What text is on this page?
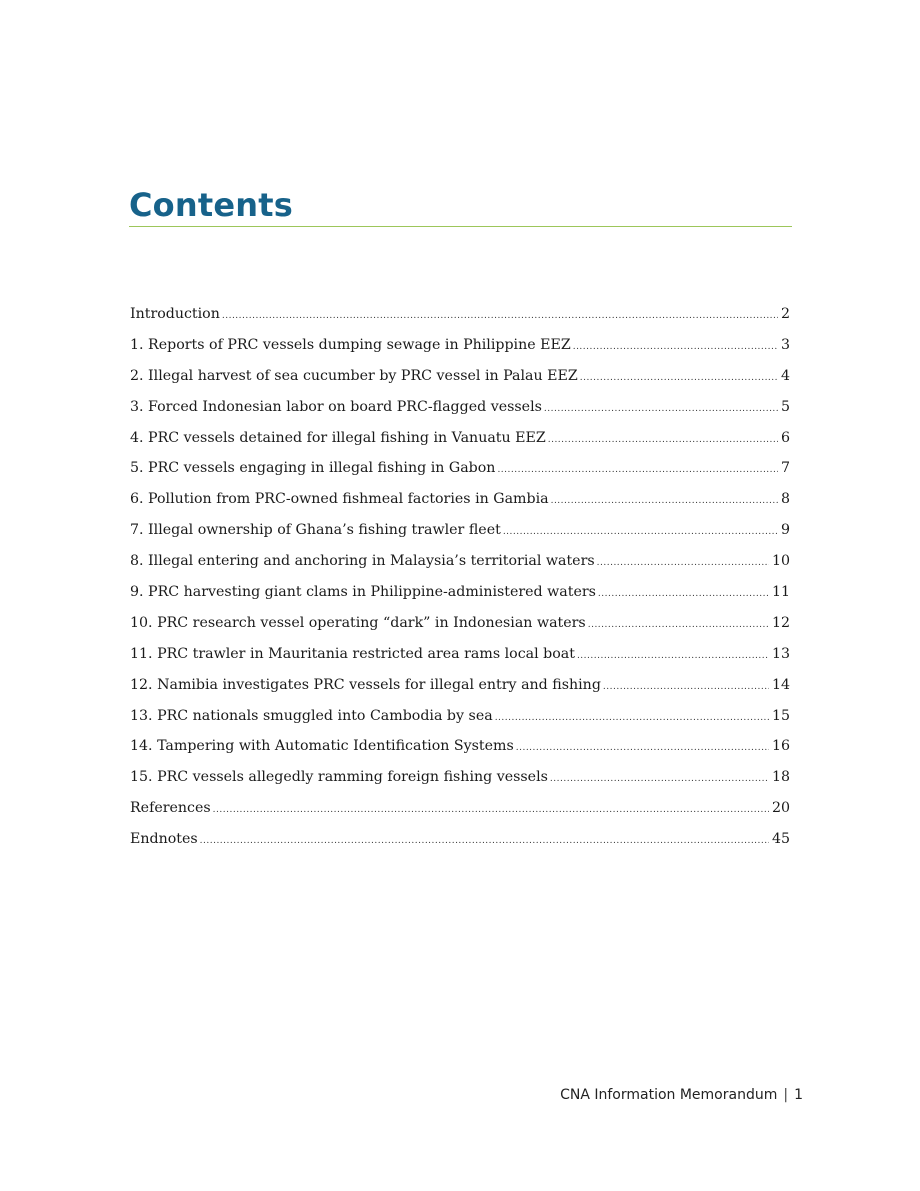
Contents
Introduction .....	2
1. Reports of PRC vessels dumping sewage in Philippine EEZ .....	3
2. Illegal harvest of sea cucumber by PRC vessel in Palau EEZ .....	4
3. Forced Indonesian labor on board PRC-flagged vessels .....	5
4. PRC vessels detained for illegal fishing in Vanuatu EEZ .....	6
5. PRC vessels engaging in illegal fishing in Gabon .....	7
6. Pollution from PRC-owned fishmeal factories in Gambia .....	8
7. Illegal ownership of Ghana’s fishing trawler fleet .....	9
8. Illegal entering and anchoring in Malaysia’s territorial waters .....	10
9. PRC harvesting giant clams in Philippine-administered waters .....	11
10. PRC research vessel operating “dark” in Indonesian waters .....	12
11. PRC trawler in Mauritania restricted area rams local boat .....	13
12. Namibia investigates PRC vessels for illegal entry and fishing .....	14
13. PRC nationals smuggled into Cambodia by sea .....	15
14. Tampering with Automatic Identification Systems .....	16
15. PRC vessels allegedly ramming foreign fishing vessels .....	18
References .....	20
Endnotes .....	45
CNA Information Memorandum | 1
